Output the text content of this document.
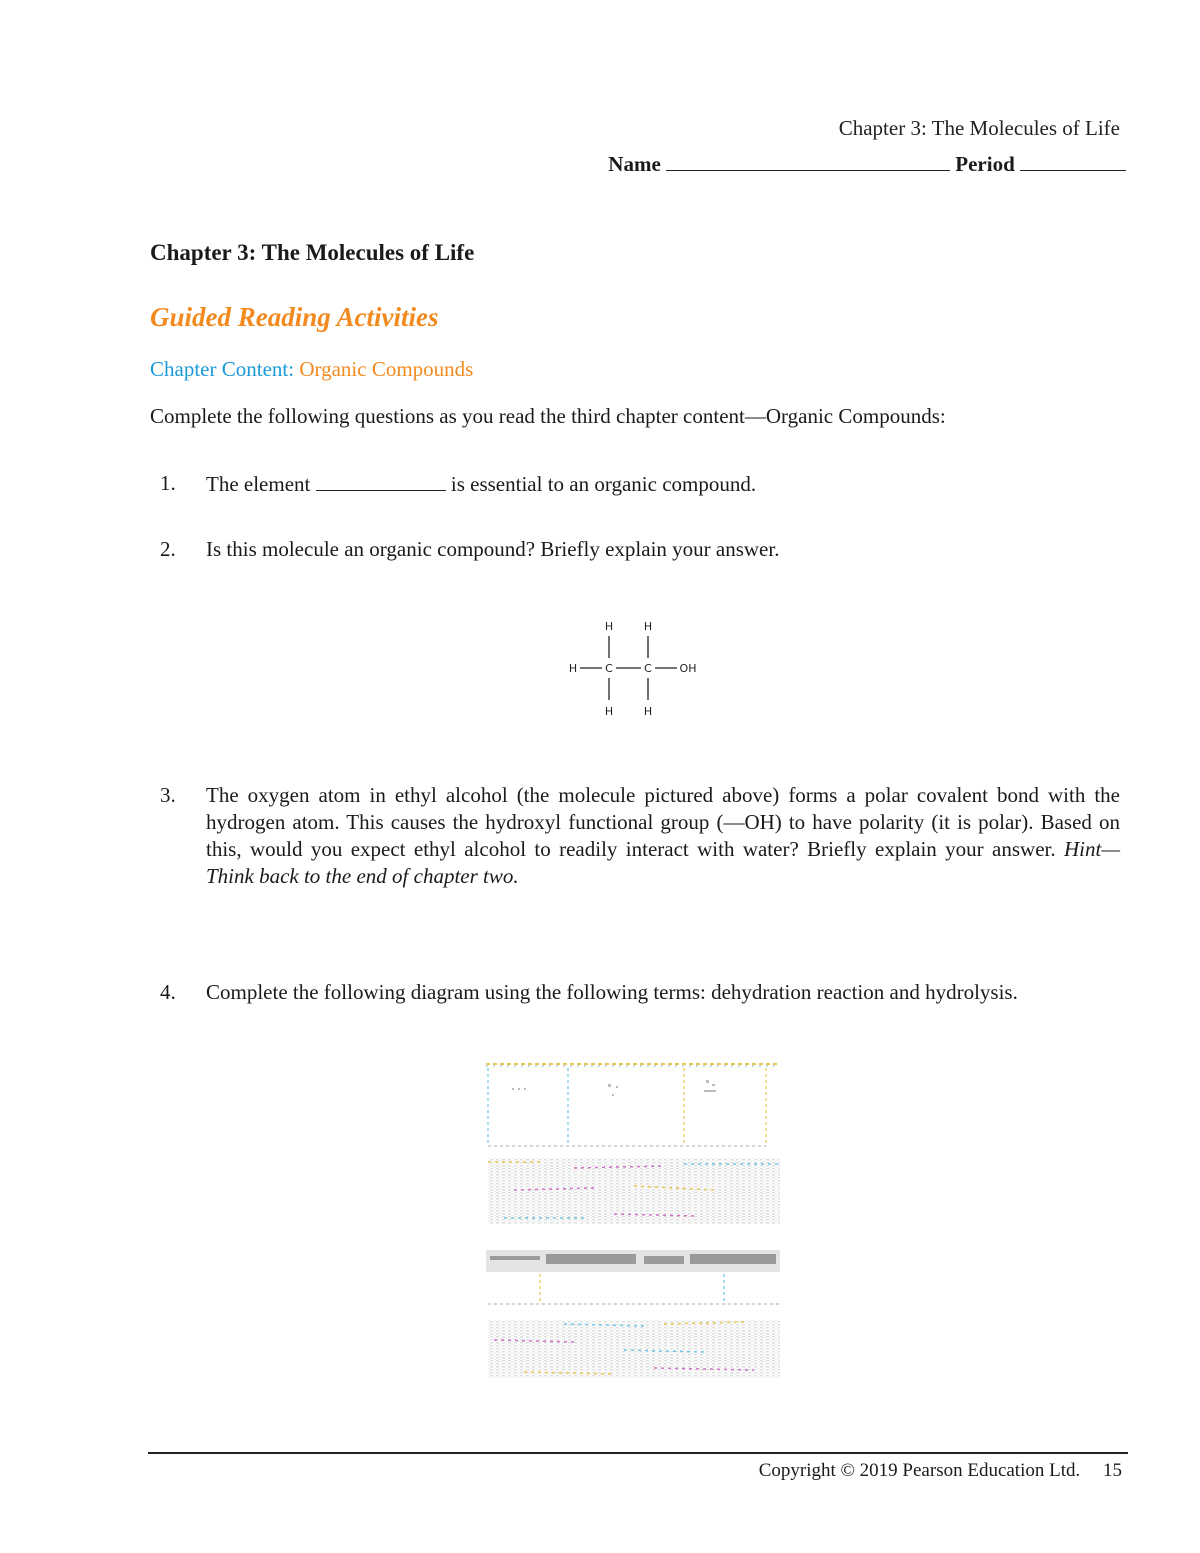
Chapter 3: The Molecules of Life
Name	Period
Chapter 3: The Molecules of Life
Guided Reading Activities
Chapter Content: Organic Compounds
Complete the following questions as you read the third chapter content—Organic Compounds:
1. The element	is essential to an organic compound.
2. Is this molecule an organic compound? Briefly explain your answer.
H	H
H	C	C	OH
H	H
3. The oxygen atom in ethyl alcohol (the molecule pictured above) forms a polar covalent bond with the hydrogen atom. This causes the hydroxyl functional group (—OH) to have polarity (it is polar). Based on this, would you expect ethyl alcohol to readily interact with water? Briefly explain your answer. Hint—Think back to the end of chapter two.
4. Complete the following diagram using the following terms: dehydration reaction and hydrolysis.
Copyright © 2019 Pearson Education Ltd. 15
